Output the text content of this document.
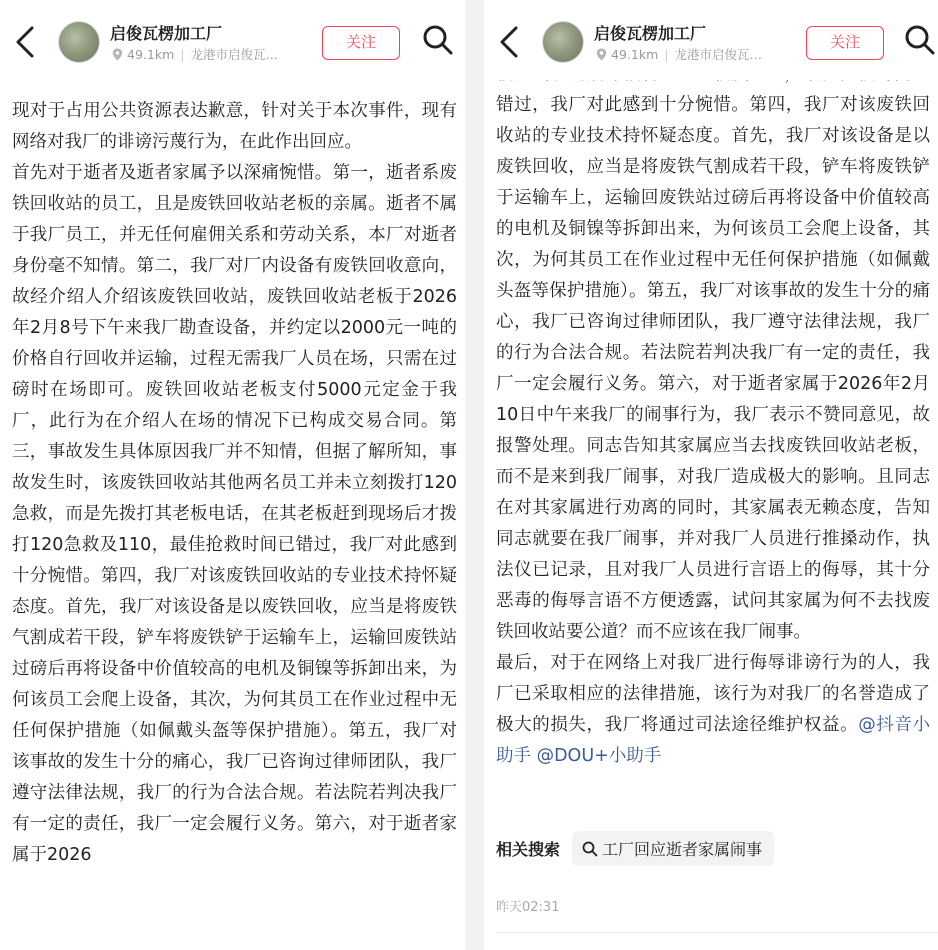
启俊瓦楞加工厂
49.1km | 龙港市启俊瓦…
关注

现对于占用公共资源表达歉意，针对关于本次事件，现有网络对我厂的诽谤污蔑行为，在此作出回应。

首先对于逝者及逝者家属予以深痛惋惜。第一，逝者系废铁回收站的员工，且是废铁回收站老板的亲属。逝者不属于我厂员工，并无任何雇佣关系和劳动关系，本厂对逝者身份毫不知情。第二，我厂对厂内设备有废铁回收意向，故经介绍人介绍该废铁回收站，废铁回收站老板于2026年2月8号下午来我厂勘查设备，并约定以2000元一吨的价格自行回收并运输，过程无需我厂人员在场，只需在过磅时在场即可。废铁回收站老板支付5000元定金于我厂，此行为在介绍人在场的情况下已构成交易合同。第三，事故发生具体原因我厂并不知情，但据了解所知，事故发生时，该废铁回收站其他两名员工并未立刻拨打120急救，而是先拨打其老板电话，在其老板赶到现场后才拨打120急救及110，最佳抢救时间已错过，我厂对此感到十分惋惜。第四，我厂对该废铁回收站的专业技术持怀疑态度。首先，我厂对该设备是以废铁回收，应当是将废铁气割成若干段，铲车将废铁铲于运输车上，运输回废铁站过磅后再将设备中价值较高的电机及铜镍等拆卸出来，为何该员工会爬上设备，其次，为何其员工在作业过程中无任何保护措施（如佩戴头盔等保护措施）。第五，我厂对该事故的发生十分的痛心，我厂已咨询过律师团队，我厂遵守法律法规，我厂的行为合法合规。若法院若判决我厂有一定的责任，我厂一定会履行义务。第六，对于逝者家属于2026

错过，我厂对此感到十分惋惜。第四，我厂对该废铁回收站的专业技术持怀疑态度。首先，我厂对该设备是以废铁回收，应当是将废铁气割成若干段，铲车将废铁铲于运输车上，运输回废铁站过磅后再将设备中价值较高的电机及铜镍等拆卸出来，为何该员工会爬上设备，其次，为何其员工在作业过程中无任何保护措施（如佩戴头盔等保护措施）。第五，我厂对该事故的发生十分的痛心，我厂已咨询过律师团队，我厂遵守法律法规，我厂的行为合法合规。若法院若判决我厂有一定的责任，我厂一定会履行义务。第六，对于逝者家属于2026年2月10日中午来我厂的闹事行为，我厂表示不赞同意见，故报警处理。同志告知其家属应当去找废铁回收站老板，而不是来到我厂闹事，对我厂造成极大的影响。且同志在对其家属进行劝离的同时，其家属表无赖态度，告知同志就要在我厂闹事，并对我厂人员进行推搡动作，执法仪已记录，且对我厂人员进行言语上的侮辱，其十分恶毒的侮辱言语不方便透露，试问其家属为何不去找废铁回收站要公道？而不应该在我厂闹事。

最后，对于在网络上对我厂进行侮辱诽谤行为的人，我厂已采取相应的法律措施，该行为对我厂的名誉造成了极大的损失，我厂将通过司法途径维护权益。@抖音小助手 @DOU+小助手

启俊瓦楞加工厂
49.1km | 龙港市启俊瓦…
关注
相关搜索	工厂回应逝者家属闹事
昨天02:31
